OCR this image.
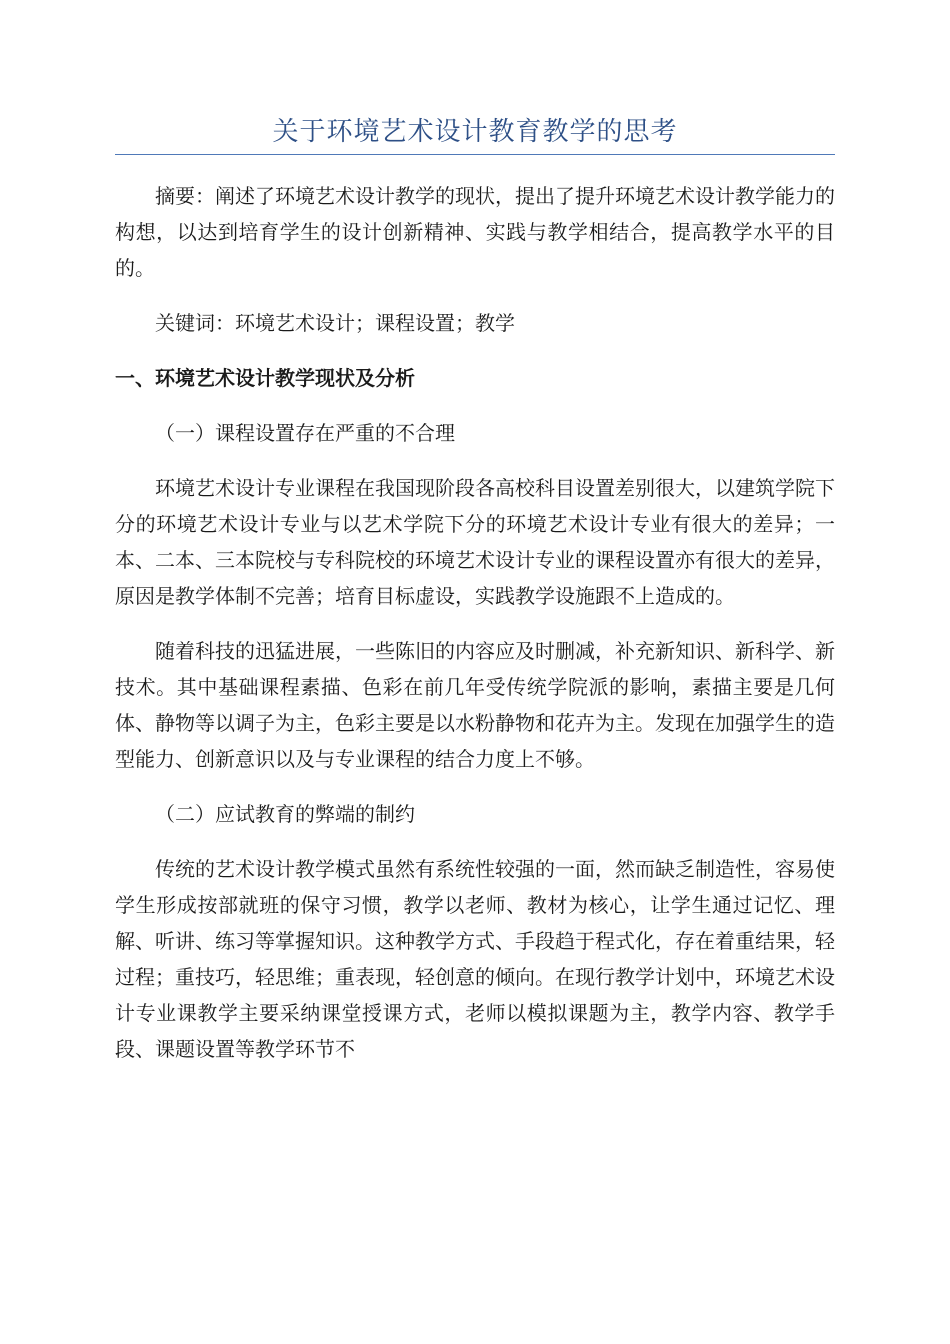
关于环境艺术设计教育教学的思考

摘要：阐述了环境艺术设计教学的现状，提出了提升环境艺术设计教学能力的构想，以达到培育学生的设计创新精神、实践与教学相结合，提高教学水平的目的。

关键词：环境艺术设计；课程设置；教学

一、环境艺术设计教学现状及分析

（一）课程设置存在严重的不合理

环境艺术设计专业课程在我国现阶段各高校科目设置差别很大，以建筑学院下分的环境艺术设计专业与以艺术学院下分的环境艺术设计专业有很大的差异；一本、二本、三本院校与专科院校的环境艺术设计专业的课程设置亦有很大的差异，原因是教学体制不完善；培育目标虚设，实践教学设施跟不上造成的。

随着科技的迅猛进展，一些陈旧的内容应及时删减，补充新知识、新科学、新技术。其中基础课程素描、色彩在前几年受传统学院派的影响，素描主要是几何体、静物等以调子为主，色彩主要是以水粉静物和花卉为主。发现在加强学生的造型能力、创新意识以及与专业课程的结合力度上不够。

（二）应试教育的弊端的制约

传统的艺术设计教学模式虽然有系统性较强的一面，然而缺乏制造性，容易使学生形成按部就班的保守习惯，教学以老师、教材为核心，让学生通过记忆、理解、听讲、练习等掌握知识。这种教学方式、手段趋于程式化，存在着重结果，轻过程；重技巧，轻思维；重表现，轻创意的倾向。在现行教学计划中，环境艺术设计专业课教学主要采纳课堂授课方式，老师以模拟课题为主，教学内容、教学手段、课题设置等教学环节不
